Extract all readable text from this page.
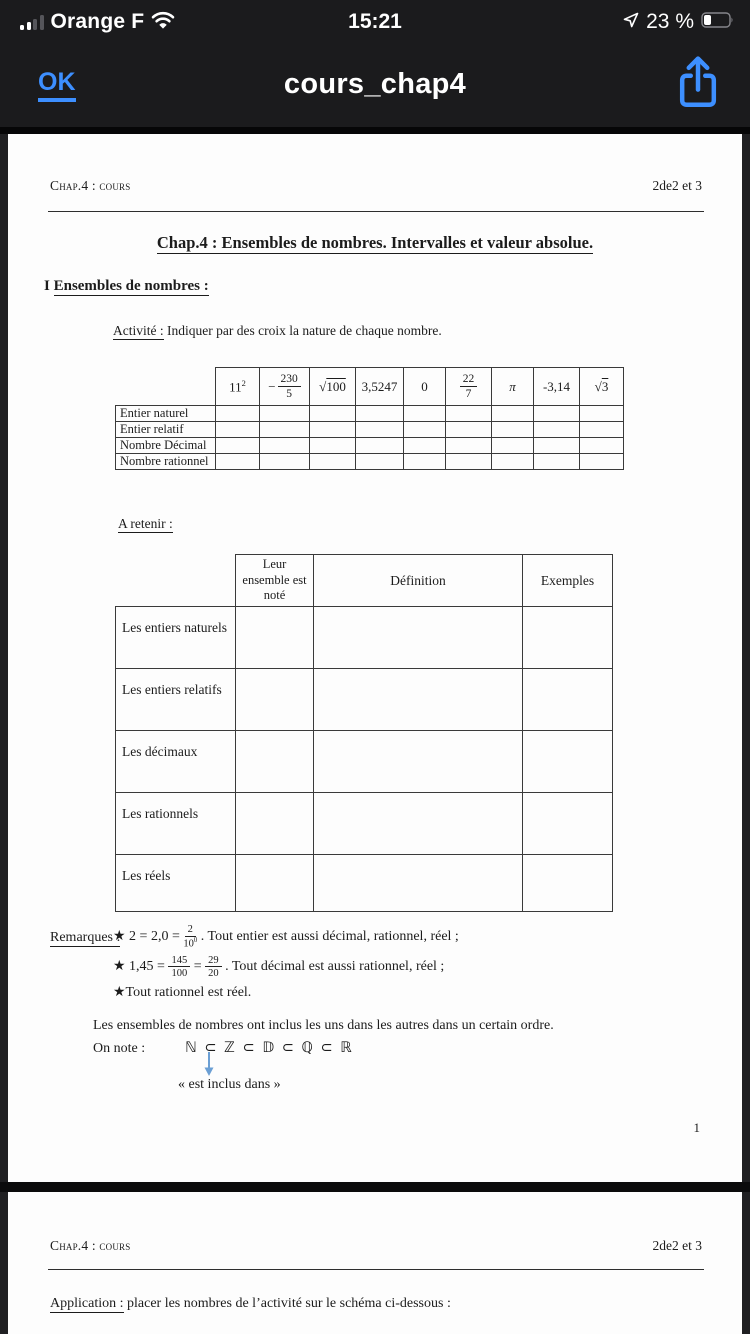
Orange F	15:21	23 %
OK	cours_chap4
Chap.4 : cours	2de2 et 3
Chap.4 : Ensembles de nombres. Intervalles et valeur absolue.
I Ensembles de nombres :
Activité : Indiquer par des croix la nature de chaque nombre.
	$11^2$	− $\frac{230}{5}$	√100	3,5247	0	$\frac{22}{7}$	π	-3,14	√3
Entier naturel									
Entier relatif									
Nombre Décimal									
Nombre rationnel									
A retenir :
	Leur ensemble est noté	Définition	Exemples
Les entiers naturels			
Les entiers relatifs			
Les décimaux			
Les rationnels			
Les réels			
Remarques :
★ $2 = 2,0 = \frac{2}{10^0}$ . Tout entier est aussi décimal, rationnel, réel ;
★ $1,45 = \frac{145}{100} = \frac{29}{20}$ . Tout décimal est aussi rationnel, réel ;
★Tout rationnel est réel.
Les ensembles de nombres ont inclus les uns dans les autres dans un certain ordre.
On note :	ℕ ⊂ ℤ ⊂ 𝔻 ⊂ ℚ ⊂ ℝ
« est inclus dans »
1
Chap.4 : cours	2de2 et 3
Application : placer les nombres de l’activité sur le schéma ci-dessous :
